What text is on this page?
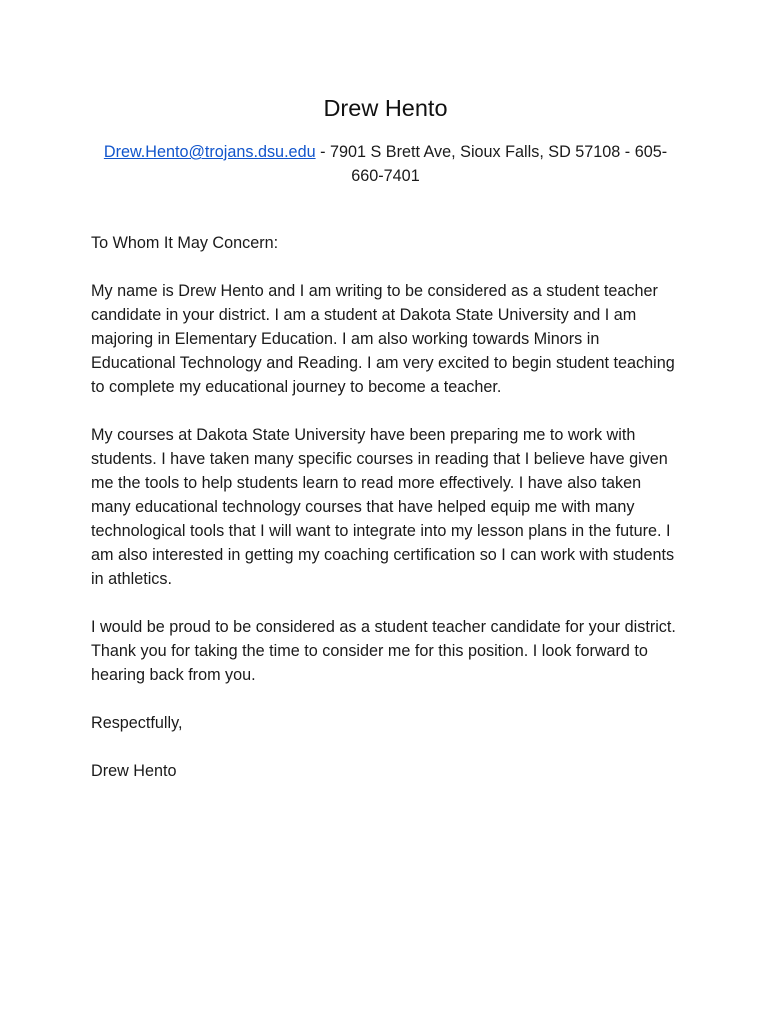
Drew Hento

Drew.Hento@trojans.dsu.edu - 7901 S Brett Ave, Sioux Falls, SD 57108 - 605-660-7401

To Whom It May Concern:

My name is Drew Hento and I am writing to be considered as a student teacher candidate in your district. I am a student at Dakota State University and I am majoring in Elementary Education. I am also working towards Minors in Educational Technology and Reading. I am very excited to begin student teaching to complete my educational journey to become a teacher.

My courses at Dakota State University have been preparing me to work with students. I have taken many specific courses in reading that I believe have given me the tools to help students learn to read more effectively. I have also taken many educational technology courses that have helped equip me with many technological tools that I will want to integrate into my lesson plans in the future. I am also interested in getting my coaching certification so I can work with students in athletics.

I would be proud to be considered as a student teacher candidate for your district. Thank you for taking the time to consider me for this position. I look forward to hearing back from you.

Respectfully,

Drew Hento
